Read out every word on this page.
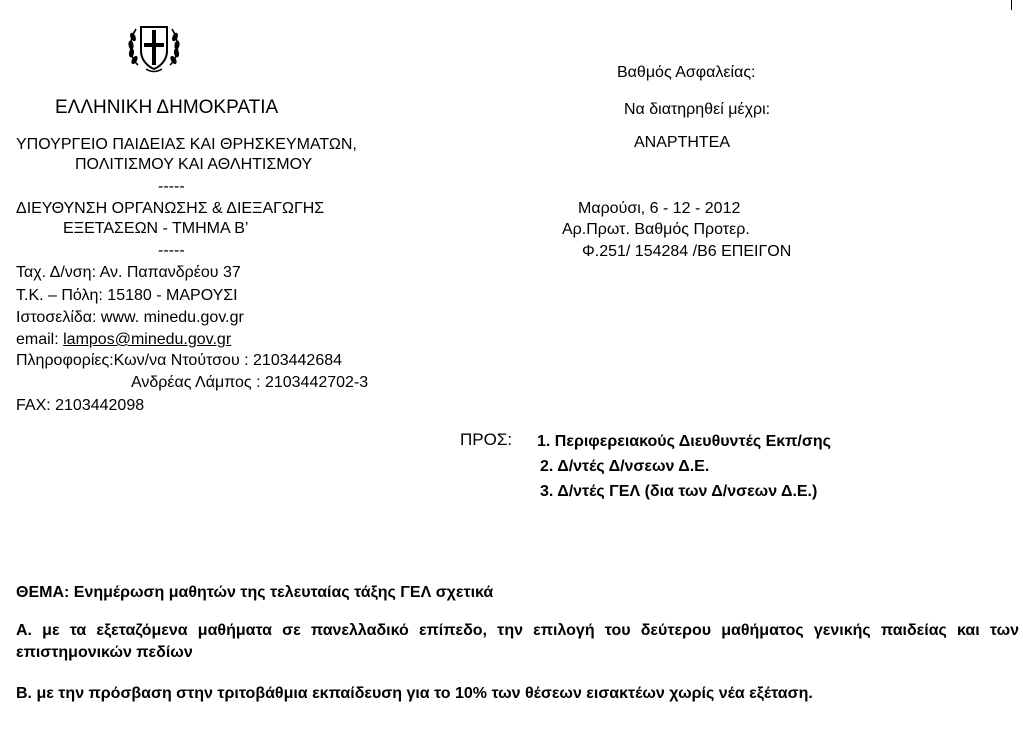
ΕΛΛΗΝΙΚΗ ΔΗΜΟΚΡΑΤΙΑ
ΥΠΟΥΡΓΕΙΟ ΠΑΙΔΕΙΑΣ ΚΑΙ ΘΡΗΣΚΕΥΜΑΤΩΝ,
ΠΟΛΙΤΙΣΜΟΥ ΚΑΙ ΑΘΛΗΤΙΣΜΟΥ
-----
ΔΙΕΥΘΥΝΣΗ ΟΡΓΑΝΩΣΗΣ & ΔΙΕΞΑΓΩΓΗΣ
ΕΞΕΤΑΣΕΩΝ - ΤΜΗΜΑ Β’
-----
Ταχ. Δ/νση: Αν. Παπανδρέου 37
Τ.Κ. – Πόλη: 15180 - ΜΑΡΟΥΣΙ
Ιστοσελίδα: www. minedu.gov.gr
email: lampos@minedu.gov.gr
Πληροφορίες:Κων/να Ντούτσου : 2103442684
Ανδρέας Λάμπος : 2103442702-3
FAX: 2103442098
Βαθμός Ασφαλείας:
Να διατηρηθεί μέχρι:
ΑΝΑΡΤΗΤΕΑ
Μαρούσι, 6 - 12 - 2012
Αρ.Πρωτ. Βαθμός Προτερ.
Φ.251/ 154284 /Β6 ΕΠΕΙΓΟΝ
ΠΡΟΣ: 1. Περιφερειακούς Διευθυντές Εκπ/σης
2. Δ/ντές Δ/νσεων Δ.Ε.
3. Δ/ντές ΓΕΛ (δια των Δ/νσεων Δ.Ε.)
ΘΕΜΑ: Ενημέρωση μαθητών της τελευταίας τάξης ΓΕΛ σχετικά
Α. με τα εξεταζόμενα μαθήματα σε πανελλαδικό επίπεδο, την επιλογή του δεύτερου μαθήματος γενικής παιδείας και των επιστημονικών πεδίων
Β. με την πρόσβαση στην τριτοβάθμια εκπαίδευση για το 10% των θέσεων εισακτέων χωρίς νέα εξέταση.
